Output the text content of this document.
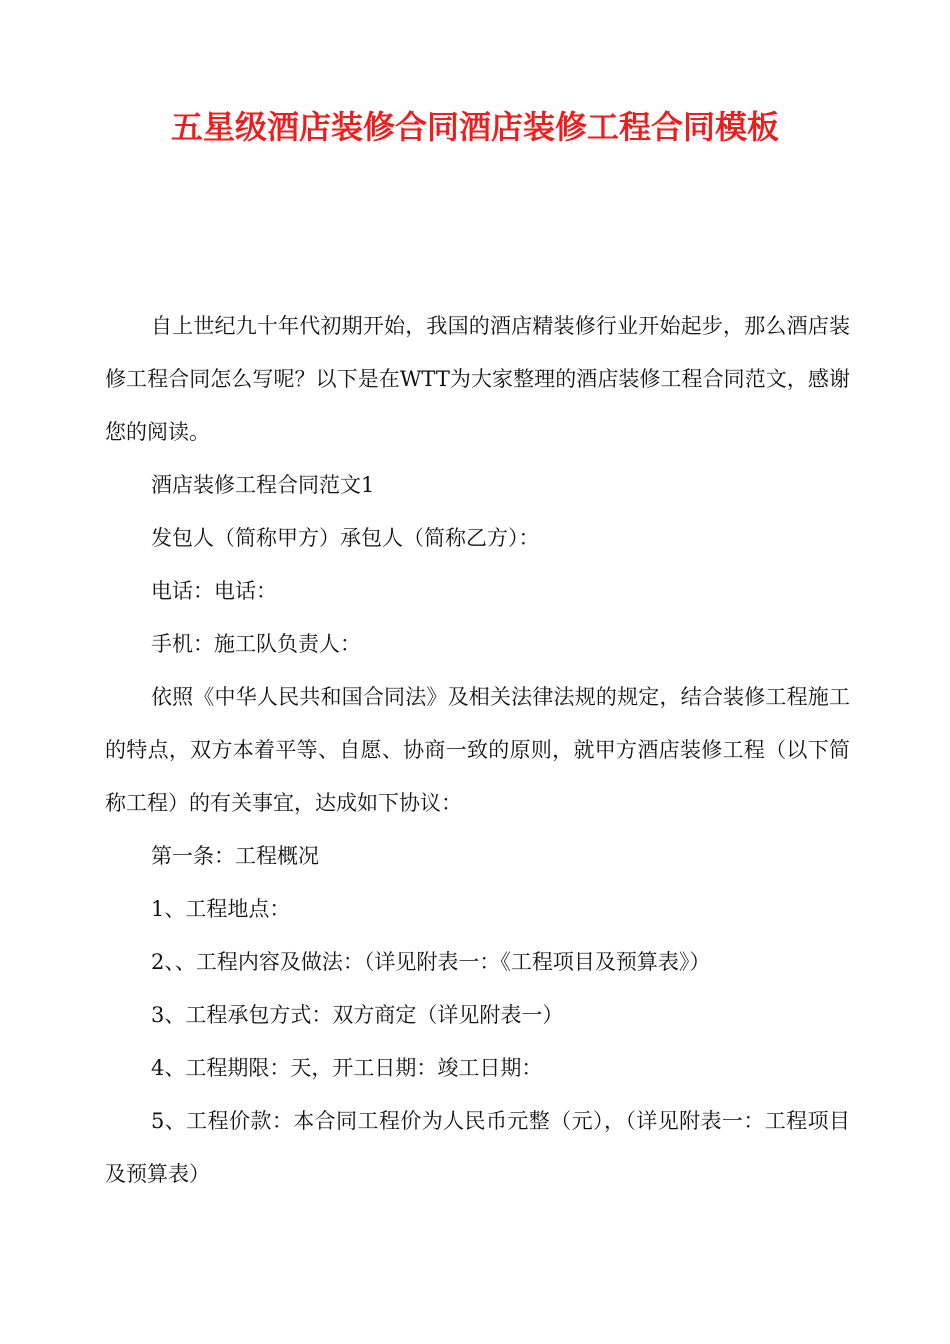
五星级酒店装修合同酒店装修工程合同模板

自上世纪九十年代初期开始，我国的酒店精装修行业开始起步，那么酒店装修工程合同怎么写呢？以下是在WTT为大家整理的酒店装修工程合同范文，感谢您的阅读。

酒店装修工程合同范文1

发包人（简称甲方）承包人（简称乙方）：

电话：电话：

手机：施工队负责人：

依照《中华人民共和国合同法》及相关法律法规的规定，结合装修工程施工的特点，双方本着平等、自愿、协商一致的原则，就甲方酒店装修工程（以下简称工程）的有关事宜，达成如下协议：

第一条：工程概况

1、工程地点：

2、、工程内容及做法：（详见附表一：《工程项目及预算表》）

3、工程承包方式：双方商定（详见附表一）

4、工程期限：天，开工日期：竣工日期：

5、工程价款：本合同工程价为人民币元整（元），（详见附表一：工程项目及预算表）
